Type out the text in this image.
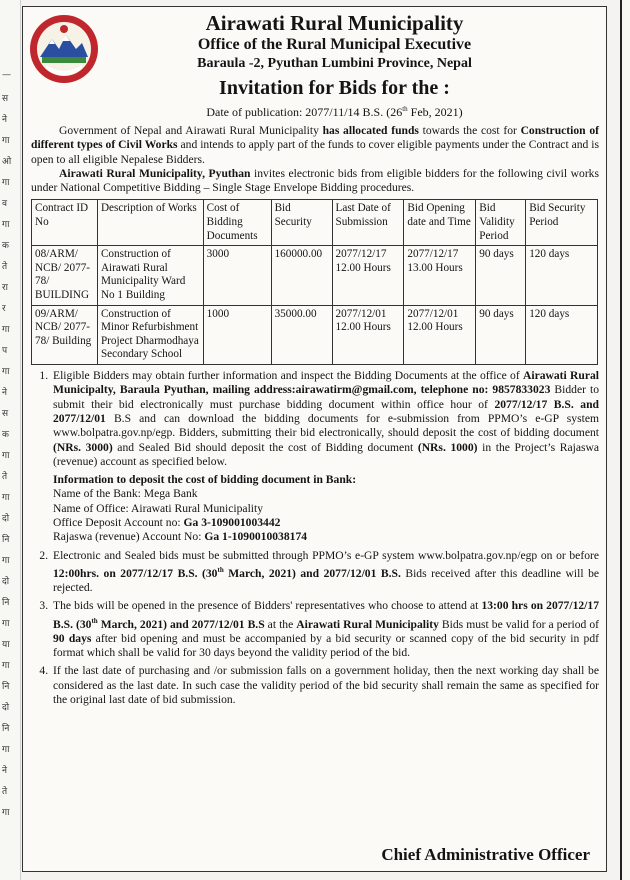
—
स
ने
गा
ओ
गा
व
गा
क
ते
रा
र
गा
प
गा
ने
स
क
गा
ते
गा
दो
नि
गा
दो
नि
गा
या
गा
नि
दो
नि
गा
ने
ते
गा
Airawati Rural Municipality
Office of the Rural Municipal Executive
Baraula -2, Pyuthan Lumbini Province, Nepal
Invitation for Bids for the :
Date of publication: 2077/11/14 B.S. (26th Feb, 2021)

Government of Nepal and Airawati Rural Municipality has allocated funds towards the cost for Construction of different types of Civil Works and intends to apply part of the funds to cover eligible payments under the Contract and is open to all eligible Nepalese Bidders.

Airawati Rural Municipality, Pyuthan invites electronic bids from eligible bidders for the following civil works under National Competitive Bidding – Single Stage Envelope Bidding procedures.

Contract ID No	Description of Works	Cost of Bidding Documents	Bid Security	Last Date of Submission	Bid Opening date and Time	Bid Validity Period	Bid Security Period
08/ARM/ NCB/ 2077-78/ BUILDING	Construction of Airawati Rural Municipality Ward No 1 Building	3000	160000.00	2077/12/17 12.00 Hours	2077/12/17 13.00 Hours	90 days	120 days
09/ARM/ NCB/ 2077-78/ Building	Construction of Minor Refurbishment Project Dharmodhaya Secondary School	1000	35000.00	2077/12/01 12.00 Hours	2077/12/01 12.00 Hours	90 days	120 days
1. Eligible Bidders may obtain further information and inspect the Bidding Documents at the office of Airawati Rural Municipalty, Baraula Pyuthan, mailing address:airawatirm@gmail.com, telephone no: 9857833023 Bidder to submit their bid electronically must purchase bidding document within office hour of 2077/12/17 B.S. and 2077/12/01 B.S and can download the bidding documents for e-submission from PPMO’s e-GP system www.bolpatra.gov.np/egp. Bidders, submitting their bid electronically, should deposit the cost of bidding document (NRs. 3000) and Sealed Bid should deposit the cost of Bidding document (NRs. 1000) in the Project’s Rajaswa (revenue) account as specified below.
Information to deposit the cost of bidding document in Bank:
Name of the Bank: Mega Bank
Name of Office: Airawati Rural Municipality
Office Deposit Account no: Ga 3-109001003442
Rajaswa (revenue) Account No: Ga 1-1090010038174
2. Electronic and Sealed bids must be submitted through PPMO’s e-GP system www.bolpatra.gov.np/egp on or before 12:00hrs. on 2077/12/17 B.S. (30th March, 2021) and 2077/12/01 B.S. Bids received after this deadline will be rejected.
3. The bids will be opened in the presence of Bidders' representatives who choose to attend at 13:00 hrs on 2077/12/17 B.S. (30th March, 2021) and 2077/12/01 B.S at the Airawati Rural Municipality Bids must be valid for a period of 90 days after bid opening and must be accompanied by a bid security or scanned copy of the bid security in pdf format which shall be valid for 30 days beyond the validity period of the bid.
4. If the last date of purchasing and /or submission falls on a government holiday, then the next working day shall be considered as the last date. In such case the validity period of the bid security shall remain the same as specified for the original last date of bid submission.
Chief Administrative Officer
